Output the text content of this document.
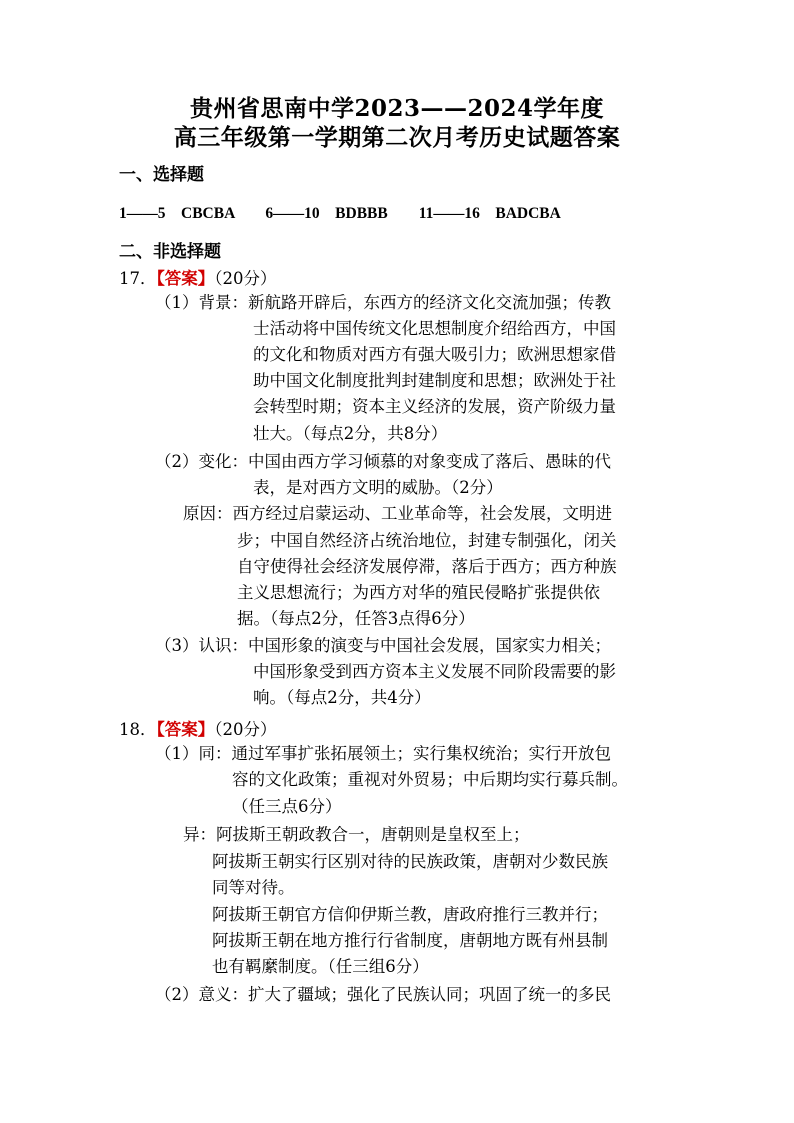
贵州省思南中学2023——2024学年度
高三年级第一学期第二次月考历史试题答案
一、选择题
1——5 CBCBA 6——10 BDBBB 11——16 BADCBA
二、非选择题
17．【答案】（20分）
（1）背景：新航路开辟后，东西方的经济文化交流加强；传教
士活动将中国传统文化思想制度介绍给西方，中国
的文化和物质对西方有强大吸引力；欧洲思想家借
助中国文化制度批判封建制度和思想；欧洲处于社
会转型时期；资本主义经济的发展，资产阶级力量
壮大。（每点2分，共8分）
（2）变化：中国由西方学习倾慕的对象变成了落后、愚昧的代
表，是对西方文明的威胁。（2分）
原因：西方经过启蒙运动、工业革命等，社会发展，文明进
步；中国自然经济占统治地位，封建专制强化，闭关
自守使得社会经济发展停滞，落后于西方；西方种族
主义思想流行；为西方对华的殖民侵略扩张提供依
据。（每点2分，任答3点得6分）
（3）认识：中国形象的演变与中国社会发展，国家实力相关；
中国形象受到西方资本主义发展不同阶段需要的影
响。（每点2分，共4分）
18．【答案】（20分）
（1）同：通过军事扩张拓展领土；实行集权统治；实行开放包
容的文化政策；重视对外贸易；中后期均实行募兵制。
（任三点6分）
异：阿拔斯王朝政教合一，唐朝则是皇权至上；
阿拔斯王朝实行区别对待的民族政策，唐朝对少数民族
同等对待。
阿拔斯王朝官方信仰伊斯兰教，唐政府推行三教并行；
阿拔斯王朝在地方推行行省制度，唐朝地方既有州县制
也有羁縻制度。（任三组6分）
（2）意义：扩大了疆域；强化了民族认同；巩固了统一的多民
